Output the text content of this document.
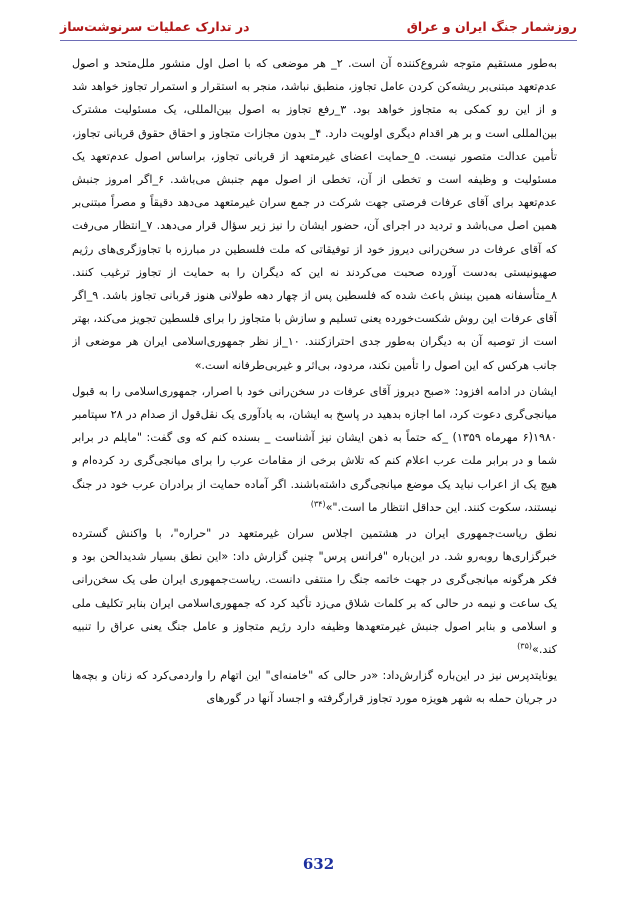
روزشمار جنگ ایران و عراق
در تدارک عملیات سرنوشت‌ساز

به‌طور مستقیم متوجه شروع‌کننده آن است. ۲_ هر موضعی که با اصل اول منشور ملل‌متحد و اصول عدم‌تعهد مبتنی‌بر ریشه‌کن کردن عامل تجاوز، منطبق نباشد، منجر به استقرار و استمرار تجاوز خواهد شد و از این رو کمکی به متجاوز خواهد بود. ۳_رفع تجاوز به اصول بین‌المللی، یک مسئولیت مشترک بین‌المللی است و بر هر اقدام دیگری اولویت دارد. ۴_ بدون مجازات متجاوز و احقاق حقوق قربانی تجاوز، تأمین عدالت متصور نیست. ۵_حمایت اعضای غیرمتعهد از قربانی تجاوز، براساس اصول عدم‌تعهد یک مسئولیت و وظیفه است و تخطی از آن، تخطی از اصول مهم جنبش می‌باشد. ۶_اگر امروز جنبش عدم‌تعهد برای آقای عرفات فرصتی جهت شرکت در جمع سران غیرمتعهد می‌دهد دقیقاً و مصراً مبتنی‌بر همین اصل می‌باشد و تردید در اجرای آن، حضور ایشان را نیز زیر سؤال قرار می‌دهد. ۷_انتظار می‌رفت که آقای عرفات در سخن‌رانی دیروز خود از توفیقاتی که ملت فلسطین در مبارزه با تجاوزگری‌های رژیم صهیونیستی به‌دست آورده صحبت می‌کردند نه این که دیگران را به حمایت از تجاوز ترغیب کنند. ۸_متأسفانه همین بینش باعث شده که فلسطین پس از چهار دهه طولانی هنوز قربانی تجاوز باشد. ۹_اگر آقای عرفات این روش شکست‌خورده یعنی تسلیم و سازش با متجاوز را برای فلسطین تجویز می‌کند، بهتر است از توصیه آن به دیگران به‌طور جدی احترازکنند. ۱۰_از نظر جمهوری‌اسلامی ایران هر موضعی از جانب هرکس که این اصول را تأمین نکند، مردود، بی‌اثر و غیربی‌طرفانه است.»

ایشان در ادامه افزود: «صبح دیروز آقای عرفات در سخن‌رانی خود با اصرار، جمهوری‌اسلامی را به قبول میانجی‌گری دعوت کرد، اما اجازه بدهید در پاسخ به ایشان، به یادآوری یک نقل‌قول از صدام در ۲۸ سپتامبر ۱۹۸۰(۶ مهرماه ۱۳۵۹) _که حتماً به ذهن ایشان نیز آشناست _ بسنده کنم که وی گفت: "مایلم در برابر شما و در برابر ملت عرب اعلام کنم که تلاش برخی از مقامات عرب را برای میانجی‌گری رد کرده‌ام و هیچ یک از اعراب نباید یک موضع میانجی‌گری داشته‌باشند. اگر آماده حمایت از برادران عرب خود در جنگ نیستند، سکوت کنند. این حداقل انتظار ما است."»$^{(۳۴)}$

نطق ریاست‌جمهوری ایران در هشتمین اجلاس سران غیرمتعهد در "حراره"، با واکنش گسترده خبرگزاری‌ها روبه‌رو شد. در این‌باره "فرانس پرس" چنین گزارش داد: «این نطق بسیار شدیدالحن بود و فکر هرگونه میانجی‌گری در جهت خاتمه جنگ را منتفی دانست. ریاست‌جمهوری ایران طی یک سخن‌رانی یک ساعت و نیمه در حالی که بر کلمات شلاق می‌زد تأکید کرد که جمهوری‌اسلامی ایران بنابر تکلیف ملی و اسلامی و بنابر اصول جنبش غیرمتعهدها وظیفه دارد رژیم متجاوز و عامل جنگ یعنی عراق را تنبیه کند.»$^{(۳۵)}$

یونایتدپرس نیز در این‌باره گزارش‌داد: «در حالی که "خامنه‌ای" این اتهام را واردمی‌کرد که زنان و بچه‌ها در جریان حمله به شهر هویزه مورد تجاوز قرارگرفته و اجساد آنها در گورهای

632
